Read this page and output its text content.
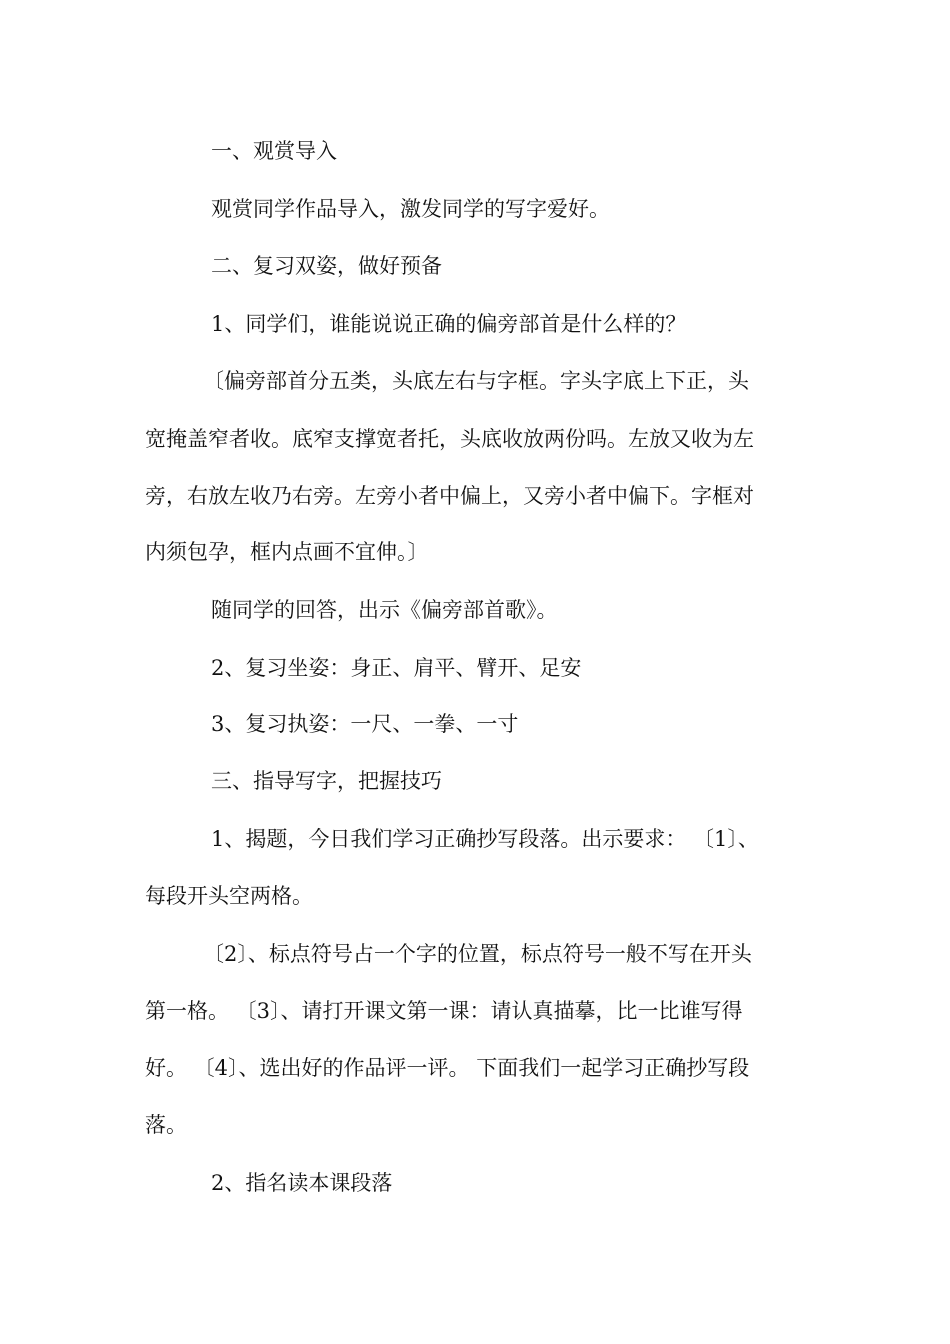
一、观赏导入
观赏同学作品导入，激发同学的写字爱好。
二、复习双姿，做好预备
1、同学们，谁能说说正确的偏旁部首是什么样的？
〔偏旁部首分五类，头底左右与字框。字头字底上下正，头
宽掩盖窄者收。底窄支撑宽者托，头底收放两份吗。左放又收为左
旁，右放左收乃右旁。左旁小者中偏上，又旁小者中偏下。字框对
内须包孕，框内点画不宜伸。〕
随同学的回答，出示《偏旁部首歌》。
2、复习坐姿：身正、肩平、臂开、足安
3、复习执姿：一尺、一拳、一寸
三、指导写字，把握技巧
1、揭题，今日我们学习正确抄写段落。出示要求： 〔1〕、
每段开头空两格。
〔2〕、标点符号占一个字的位置，标点符号一般不写在开头
第一格。 〔3〕、请打开课文第一课：请认真描摹，比一比谁写得
好。 〔4〕、选出好的作品评一评。 下面我们一起学习正确抄写段
落。
2、指名读本课段落
